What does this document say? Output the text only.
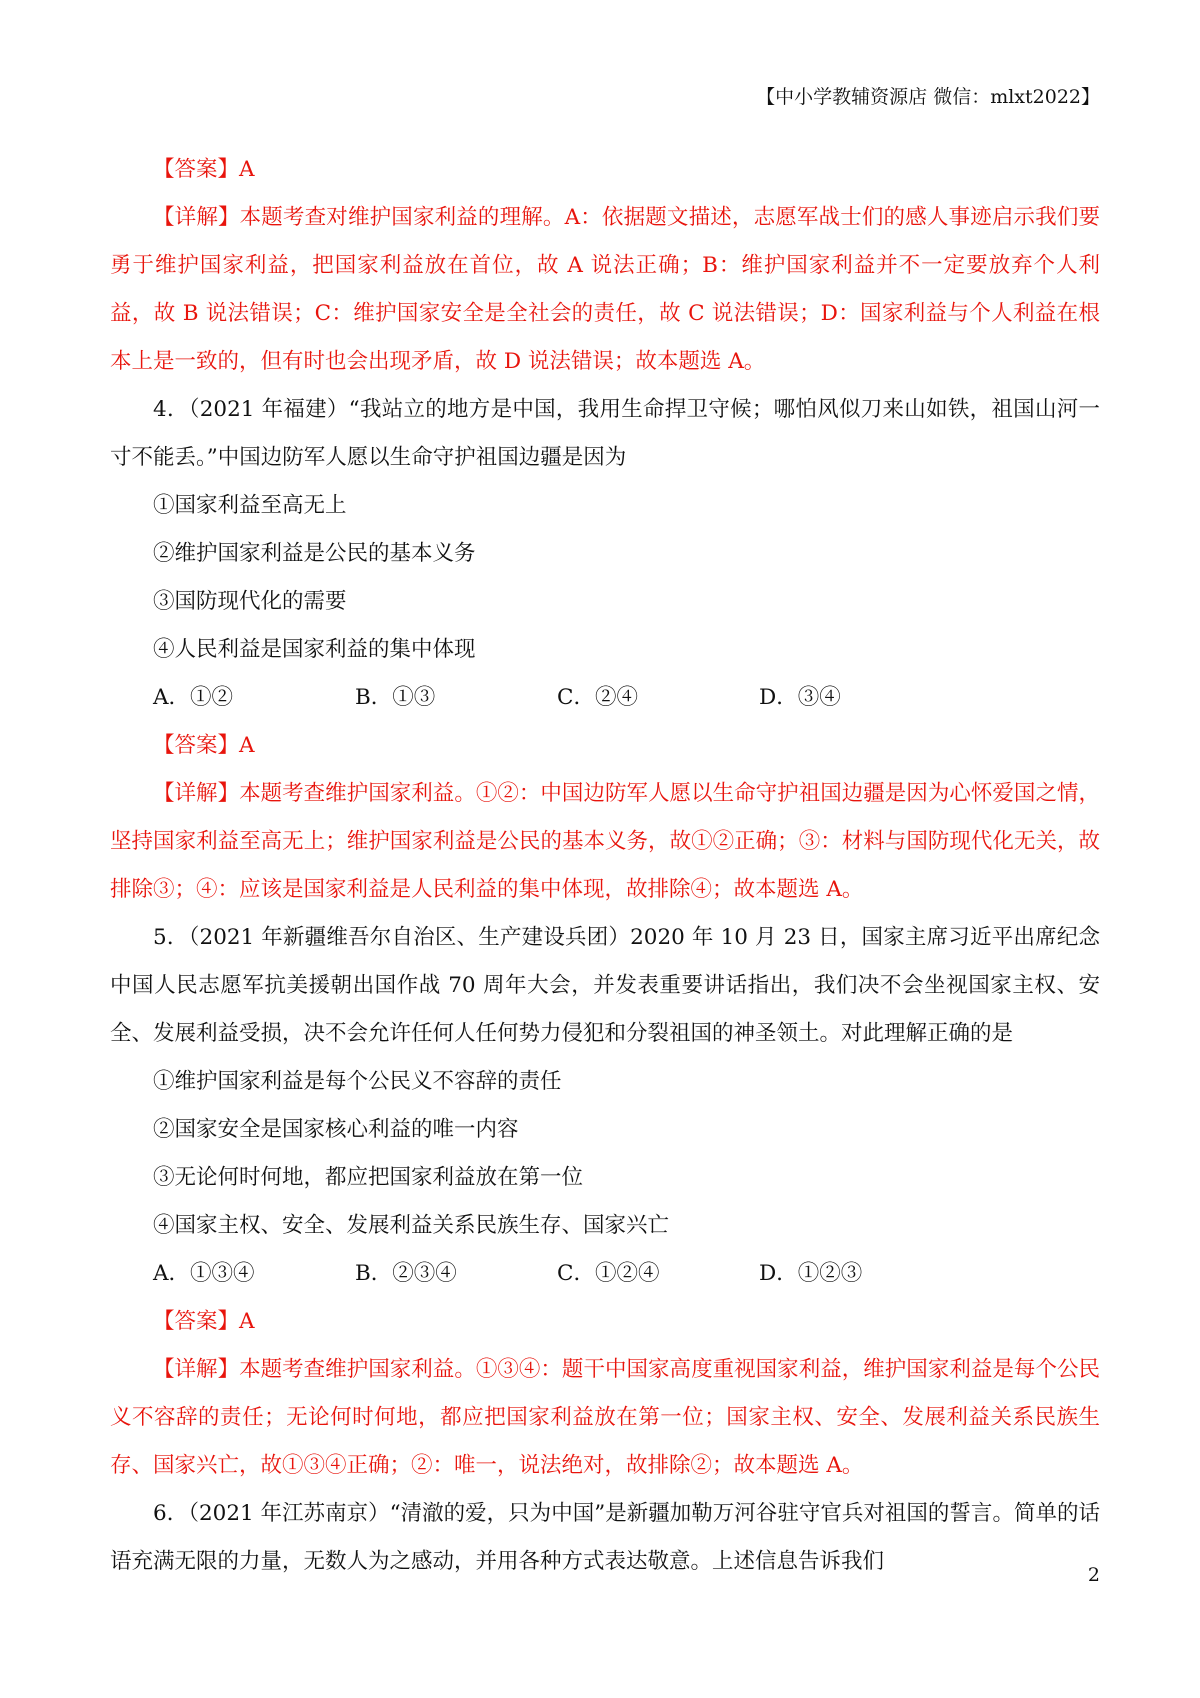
【中小学教辅资源店 微信：mlxt2022】

【答案】A

【详解】本题考查对维护国家利益的理解。A：依据题文描述，志愿军战士们的感人事迹启示我们要勇于维护国家利益，把国家利益放在首位，故 A 说法正确；B：维护国家利益并不一定要放弃个人利益，故 B 说法错误；C：维护国家安全是全社会的责任，故 C 说法错误；D：国家利益与个人利益在根本上是一致的，但有时也会出现矛盾，故 D 说法错误；故本题选 A。

4．（2021 年福建）“我站立的地方是中国，我用生命捍卫守候；哪怕风似刀来山如铁，祖国山河一寸不能丢。”中国边防军人愿以生命守护祖国边疆是因为

①国家利益至高无上

②维护国家利益是公民的基本义务

③国防现代化的需要

④人民利益是国家利益的集中体现

A．①②	B．①③	C．②④	D．③④

【答案】A

【详解】本题考查维护国家利益。①②：中国边防军人愿以生命守护祖国边疆是因为心怀爱国之情，坚持国家利益至高无上；维护国家利益是公民的基本义务，故①②正确；③：材料与国防现代化无关，故排除③；④：应该是国家利益是人民利益的集中体现，故排除④；故本题选 A。

5．（2021 年新疆维吾尔自治区、生产建设兵团）2020 年 10 月 23 日，国家主席习近平出席纪念中国人民志愿军抗美援朝出国作战 70 周年大会，并发表重要讲话指出，我们决不会坐视国家主权、安全、发展利益受损，决不会允许任何人任何势力侵犯和分裂祖国的神圣领土。对此理解正确的是

①维护国家利益是每个公民义不容辞的责任

②国家安全是国家核心利益的唯一内容

③无论何时何地，都应把国家利益放在第一位

④国家主权、安全、发展利益关系民族生存、国家兴亡

A．①③④	B．②③④	C．①②④	D．①②③

【答案】A

【详解】本题考查维护国家利益。①③④：题干中国家高度重视国家利益，维护国家利益是每个公民义不容辞的责任；无论何时何地，都应把国家利益放在第一位；国家主权、安全、发展利益关系民族生存、国家兴亡，故①③④正确；②：唯一，说法绝对，故排除②；故本题选 A。

6．（2021 年江苏南京）“清澈的爱，只为中国”是新疆加勒万河谷驻守官兵对祖国的誓言。简单的话语充满无限的力量，无数人为之感动，并用各种方式表达敬意。上述信息告诉我们

2
